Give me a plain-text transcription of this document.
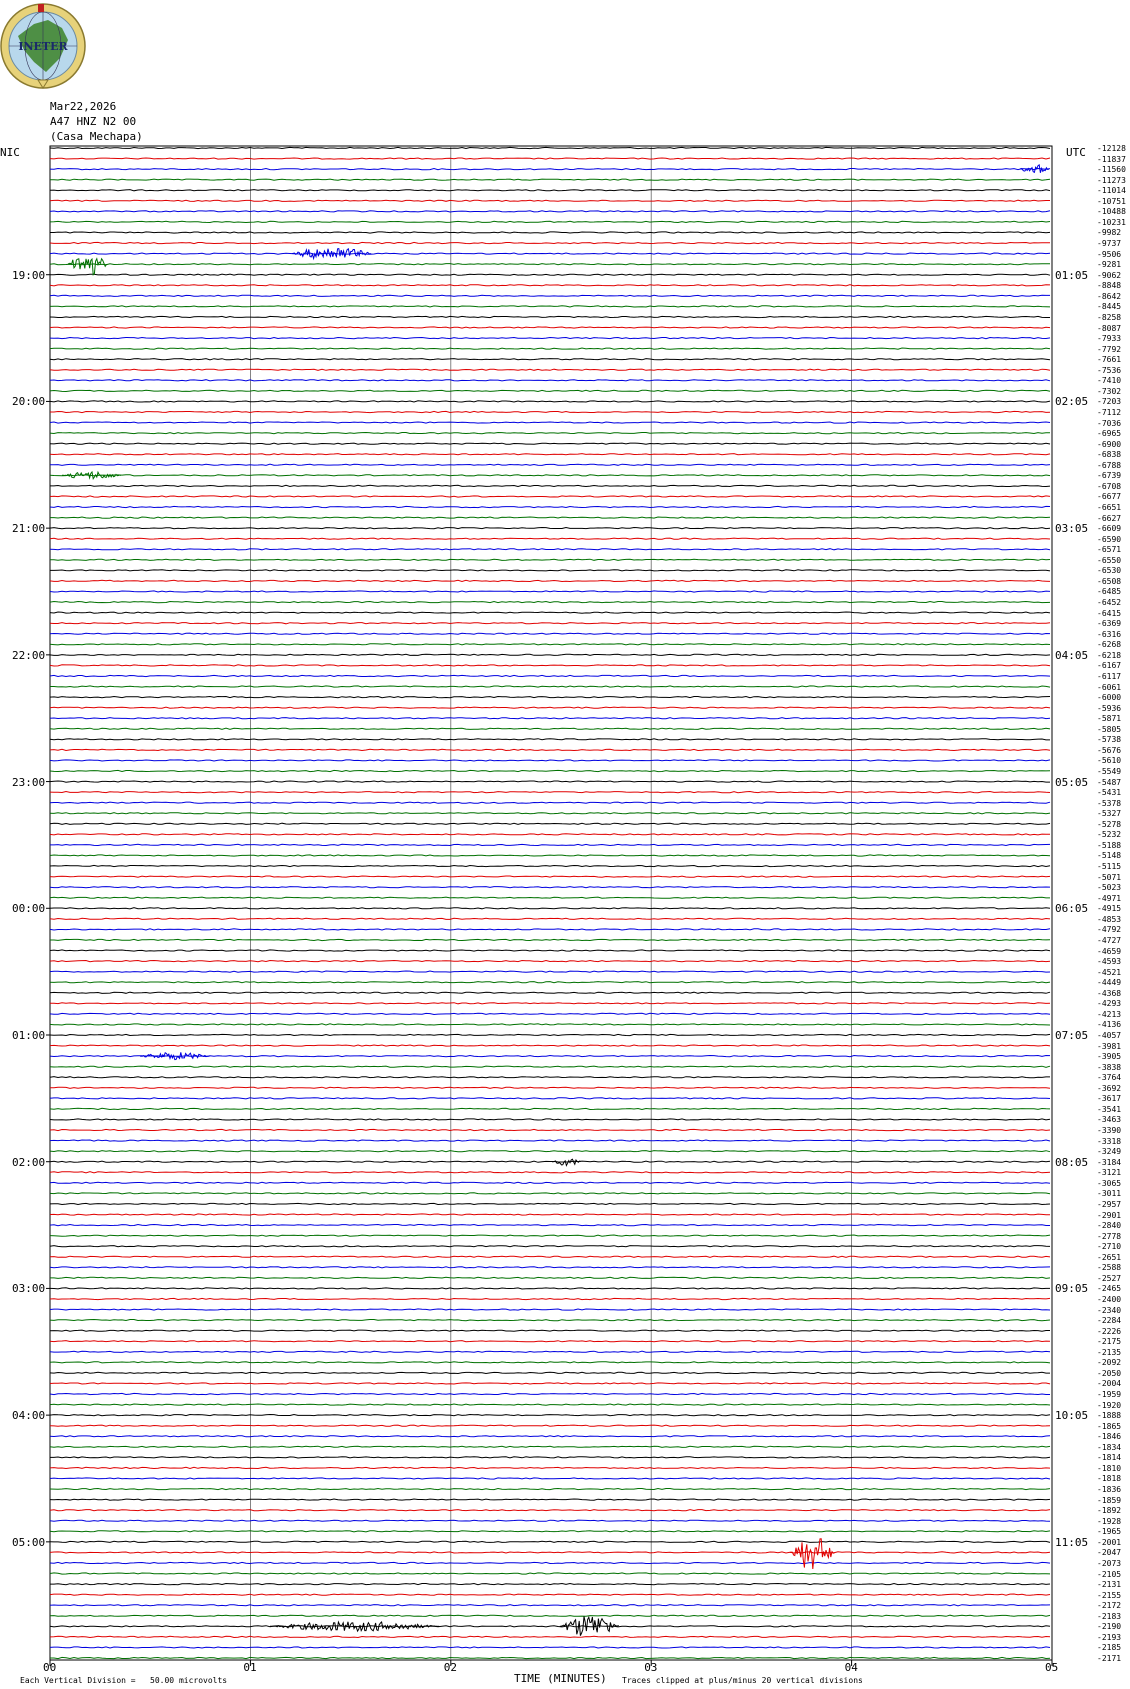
INETER
Mar22,2026
A47 HNZ N2 00
(Casa Mechapa)
NIC	UTC
19:00
20:00
21:00
22:00
23:00
00:00
01:00
02:00
03:00
04:00
05:00
01:05
02:05
03:05
04:05
05:05
06:05
07:05
08:05
09:05
10:05
11:05
-12128
-11837
-11560
-11273
-11014
-10751
-10488
-10231
-9982
-9737
-9506
-9281
-9062
-8848
-8642
-8445
-8258
-8087
-7933
-7792
-7661
-7536
-7410
-7302
-7203
-7112
-7036
-6965
-6900
-6838
-6788
-6739
-6708
-6677
-6651
-6627
-6609
-6590
-6571
-6550
-6530
-6508
-6485
-6452
-6415
-6369
-6316
-6268
-6218
-6167
-6117
-6061
-6000
-5936
-5871
-5805
-5738
-5676
-5610
-5549
-5487
-5431
-5378
-5327
-5278
-5232
-5188
-5148
-5115
-5071
-5023
-4971
-4915
-4853
-4792
-4727
-4659
-4593
-4521
-4449
-4368
-4293
-4213
-4136
-4057
-3981
-3905
-3838
-3764
-3692
-3617
-3541
-3463
-3390
-3318
-3249
-3184
-3121
-3065
-3011
-2957
-2901
-2840
-2778
-2710
-2651
-2588
-2527
-2465
-2400
-2340
-2284
-2226
-2175
-2135
-2092
-2050
-2004
-1959
-1920
-1888
-1865
-1846
-1834
-1814
-1810
-1818
-1836
-1859
-1892
-1928
-1965
-2001
-2047
-2073
-2105
-2131
-2155
-2172
-2183
-2190
-2193
-2185
-2171
00	01	02	03	04	05
TIME (MINUTES)
Each Vertical Division =   50.00 microvolts	Traces clipped at plus/minus 20 vertical divisions
